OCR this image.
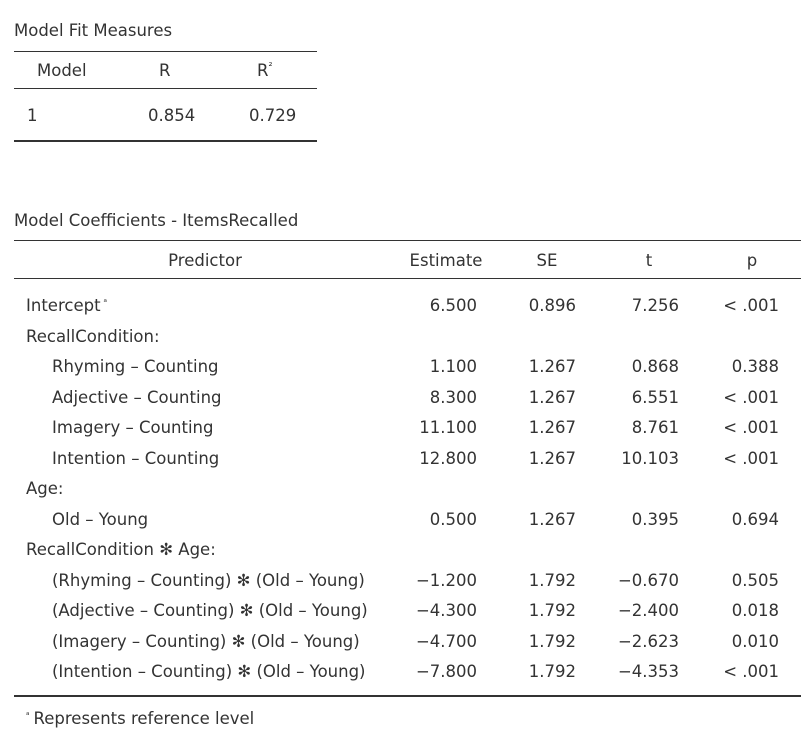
Model Fit Measures
Model	R	$R^{^2}$
1	0.854	0.729
Model Coefficients - ItemsRecalled
Predictor	Estimate	SE	t	p
Intercept $^ᵃ$	6.500	0.896	7.256	< .001
RecallCondition:
Rhyming – Counting	1.100	1.267	0.868	0.388
Adjective – Counting	8.300	1.267	6.551	< .001
Imagery – Counting	11.100	1.267	8.761	< .001
Intention – Counting	12.800	1.267	10.103	< .001
Age:
Old – Young	0.500	1.267	0.395	0.694
RecallCondition ✻ Age:
(Rhyming – Counting) ✻ (Old – Young)	−1.200	1.792	−0.670	0.505
(Adjective – Counting) ✻ (Old – Young)	−4.300	1.792	−2.400	0.018
(Imagery – Counting) ✻ (Old – Young)	−4.700	1.792	−2.623	0.010
(Intention – Counting) ✻ (Old – Young)	−7.800	1.792	−4.353	< .001
$^ᵃ$ Represents reference level
